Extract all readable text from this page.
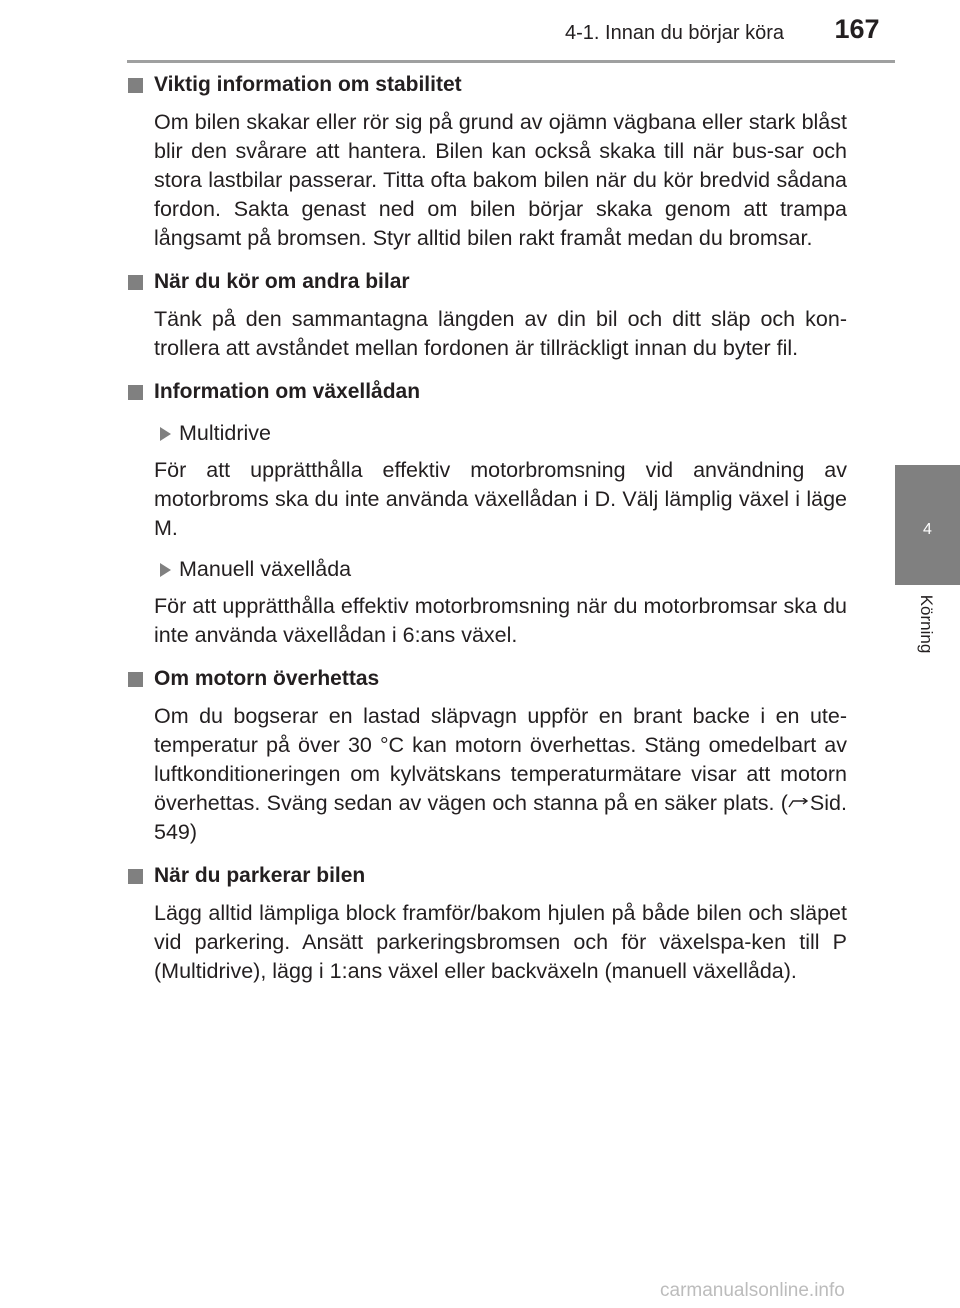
4-1. Innan du börjar köra	167
4
Körning
Viktig information om stabilitet

Om bilen skakar eller rör sig på grund av ojämn vägbana eller stark blåst blir den svårare att hantera. Bilen kan också skaka till när bus-sar och stora lastbilar passerar. Titta ofta bakom bilen när du kör bredvid sådana fordon. Sakta genast ned om bilen börjar skaka genom att trampa långsamt på bromsen. Styr alltid bilen rakt framåt medan du bromsar.

När du kör om andra bilar

Tänk på den sammantagna längden av din bil och ditt släp och kon-trollera att avståndet mellan fordonen är tillräckligt innan du byter fil.

Information om växellådan
Multidrive

För att upprätthålla effektiv motorbromsning vid användning av motorbroms ska du inte använda växellådan i D. Välj lämplig växel i läge M.

Manuell växellåda

För att upprätthålla effektiv motorbromsning när du motorbromsar ska du inte använda växellådan i 6:ans växel.

Om motorn överhettas

Om du bogserar en lastad släpvagn uppför en brant backe i en ute-temperatur på över 30 °C kan motorn överhettas. Stäng omedelbart av luftkonditioneringen om kylvätskans temperaturmätare visar att motorn överhettas. Sväng sedan av vägen och stanna på en säker plats. ( Sid. 549)

När du parkerar bilen

Lägg alltid lämpliga block framför/bakom hjulen på både bilen och släpet vid parkering. Ansätt parkeringsbromsen och för växelspa-ken till P (Multidrive), lägg i 1:ans växel eller backväxeln (manuell växellåda).

carmanualsonline.info
